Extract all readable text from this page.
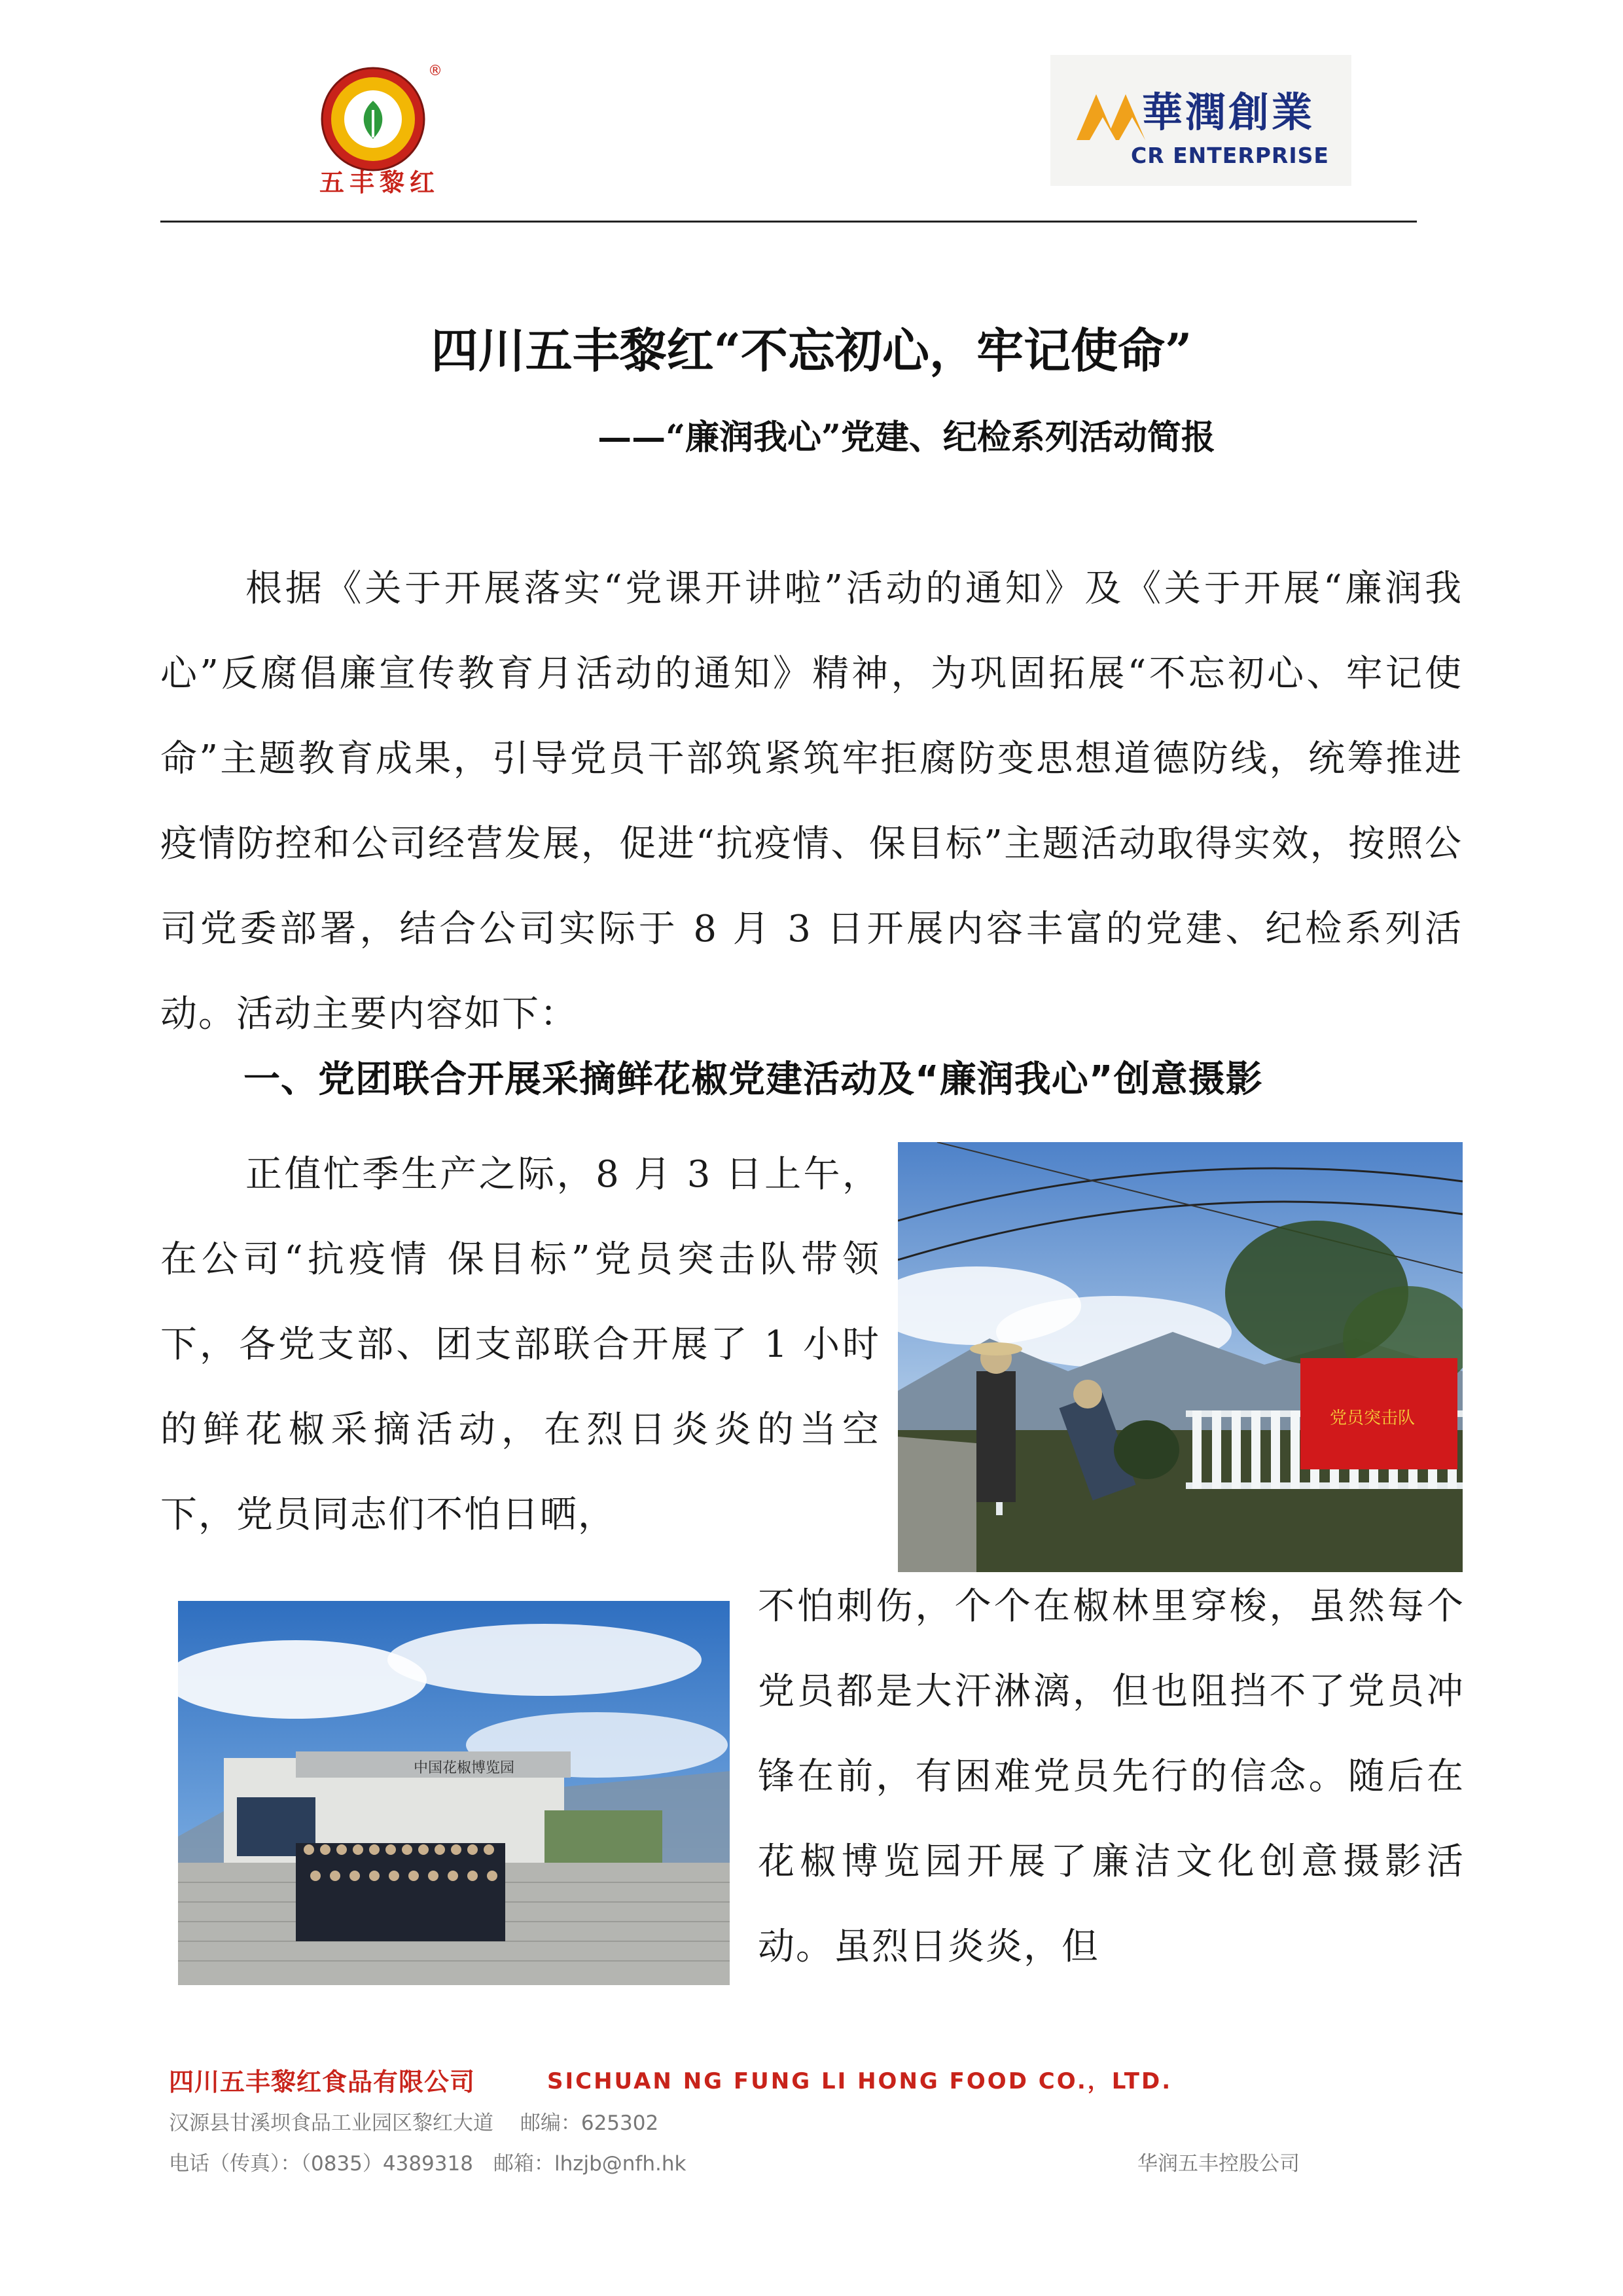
®
五丰黎红
華潤創業
CR ENTERPRISE
四川五丰黎红“不忘初心，牢记使命”
——“廉润我心”党建、纪检系列活动简报
根据《关于开展落实“党课开讲啦”活动的通知》及《关于开展“廉润我心”反腐倡廉宣传教育月活动的通知》精神，为巩固拓展“不忘初心、牢记使命”主题教育成果，引导党员干部筑紧筑牢拒腐防变思想道德防线，统筹推进疫情防控和公司经营发展，促进“抗疫情、保目标”主题活动取得实效，按照公司党委部署，结合公司实际于 8 月 3 日开展内容丰富的党建、纪检系列活动。活动主要内容如下：
一、党团联合开展采摘鲜花椒党建活动及“廉润我心”创意摄影
正值忙季生产之际，8 月 3 日上午，在公司“抗疫情 保目标”党员突击队带领下，各党支部、团支部联合开展了 1 小时的鲜花椒采摘活动，在烈日炎炎的当空下，党员同志们不怕日晒，
党员突击队
中国花椒博览园
不怕刺伤，个个在椒林里穿梭，虽然每个党员都是大汗淋漓，但也阻挡不了党员冲锋在前，有困难党员先行的信念。随后在花椒博览园开展了廉洁文化创意摄影活动。虽烈日炎炎，但
四川五丰黎红食品有限公司	SICHUAN NG FUNG LI HONG FOOD CO.，LTD.
汉源县甘溪坝食品工业园区黎红大道　 邮编：625302
电话（传真）：（0835）4389318　邮箱：lhzjb@nfh.hk	华润五丰控股公司
